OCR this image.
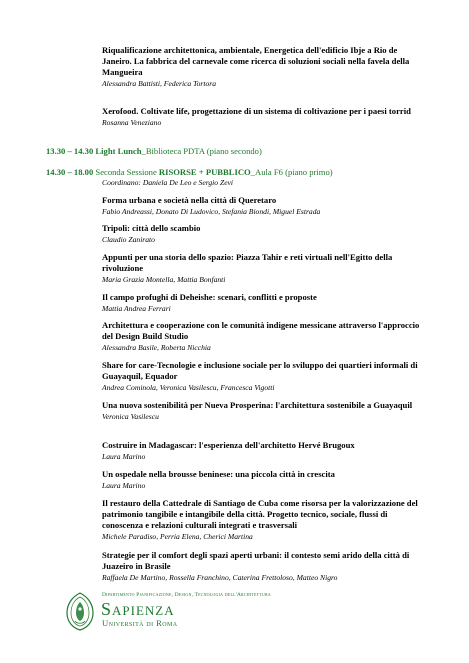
Riqualificazione architettonica, ambientale, Energetica dell'edificio Ibje a Rio de Janeiro. La fabbrica del carnevale come ricerca di soluzioni sociali nella favela della Mangueira
Alessandra Battisti, Federica Tortora
Xerofood. Coltivate life, progettazione di un sistema di coltivazione per i paesi torrid
Rosanna Veneziano
13.30 – 14.30 Light Lunch_Biblioteca PDTA (piano secondo)
14.30 – 18.00 Seconda Sessione RISORSE + PUBBLICO_Aula F6 (piano primo)
Coordinano: Daniela De Leo e Sergio Zevi
Forma urbana e società nella città di Queretaro
Fabio Andreassi, Donato Di Ludovico, Stefania Biondi, Miguel Estrada
Tripoli: città dello scambio
Claudio Zanirato
Appunti per una storia dello spazio: Piazza Tahir e reti virtuali nell'Egitto della rivoluzione
Maria Grazia Montella, Mattia Bonfanti
Il campo profughi di Deheishe: scenari, conflitti e proposte
Mattia Andrea Ferrari
Architettura e cooperazione con le comunità indigene messicane attraverso l'approccio del Design Build Studio
Alessandra Basile, Roberta Nicchia
Share for care-Tecnologie e inclusione sociale per lo sviluppo dei quartieri informali di Guayaquil, Equador
Andrea Cominola, Veronica Vasilescu, Francesca Vigotti
Una nuova sostenibilità per Nueva Prosperina: l'architettura sostenibile a Guayaquil
Veronica Vasilescu
Costruire in Madagascar: l'esperienza dell'architetto Hervé Brugoux
Laura Marino
Un ospedale nella brousse beninese: una piccola città in crescita
Laura Marino
Il restauro della Cattedrale di Santiago de Cuba come risorsa per la valorizzazione del patrimonio tangibile e intangibile della città. Progetto tecnico, sociale, flussi di conoscenza e relazioni culturali integrati e trasversali
Michele Paradiso, Perria Elena, Cherici Martina
Strategie per il comfort degli spazi aperti urbani: il contesto semi arido della città di Juazeiro in Brasile
Raffaela De Martino, Rossella Franchino, Caterina Frettoloso, Matteo Nigro
Dipartimento Pianificazione, Design, Tecnologia dell'Architettura
Sapienza
Università di Roma
